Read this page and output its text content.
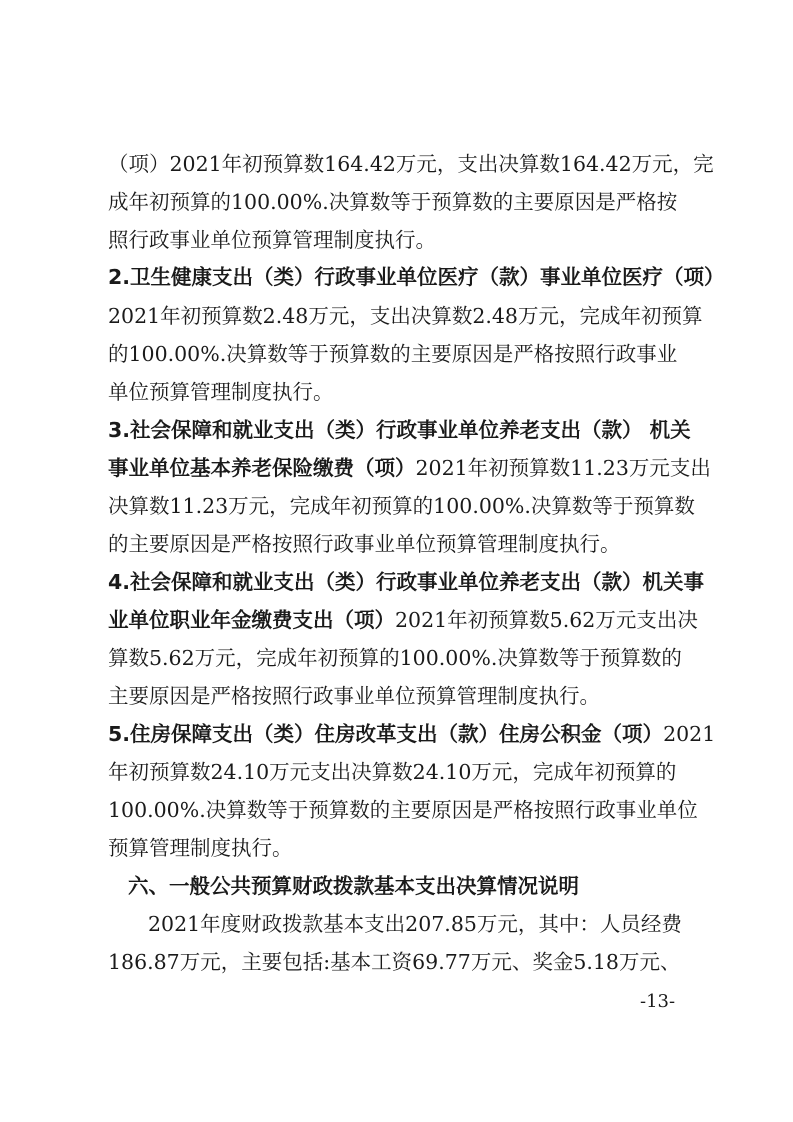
（项）2021年初预算数164.42万元，支出决算数164.42万元，完
成年初预算的100.00%.决算数等于预算数的主要原因是严格按
照行政事业单位预算管理制度执行。
2.卫生健康支出（类）行政事业单位医疗（款）事业单位医疗（项）
2021年初预算数2.48万元，支出决算数2.48万元，完成年初预算
的100.00%.决算数等于预算数的主要原因是严格按照行政事业
单位预算管理制度执行。
3.社会保障和就业支出（类）行政事业单位养老支出（款） 机关
事业单位基本养老保险缴费（项）2021年初预算数11.23万元支出
决算数11.23万元，完成年初预算的100.00%.决算数等于预算数
的主要原因是严格按照行政事业单位预算管理制度执行。
4.社会保障和就业支出（类）行政事业单位养老支出（款）机关事
业单位职业年金缴费支出（项）2021年初预算数5.62万元支出决
算数5.62万元，完成年初预算的100.00%.决算数等于预算数的
主要原因是严格按照行政事业单位预算管理制度执行。
5.住房保障支出（类）住房改革支出（款）住房公积金（项）2021
年初预算数24.10万元支出决算数24.10万元，完成年初预算的
100.00%.决算数等于预算数的主要原因是严格按照行政事业单位
预算管理制度执行。
六、一般公共预算财政拨款基本支出决算情况说明
2021年度财政拨款基本支出207.85万元，其中：人员经费
186.87万元，主要包括:基本工资69.77万元、奖金5.18万元、
-13-
